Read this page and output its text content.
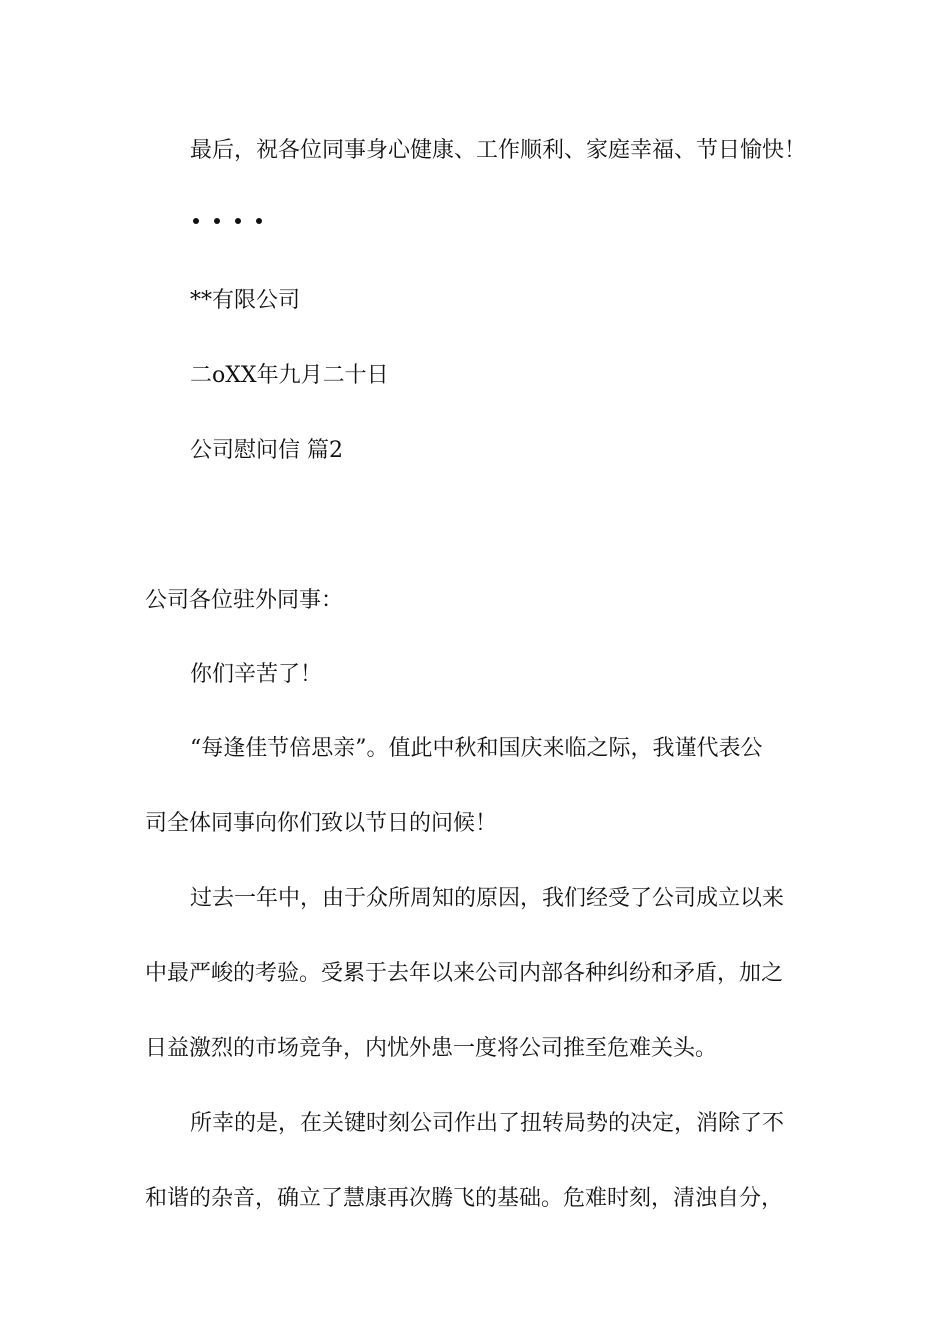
最后，祝各位同事身心健康、工作顺利、家庭幸福、节日愉快！
**有限公司
二oXX年九月二十日
公司慰问信 篇2
公司各位驻外同事：
你们辛苦了！
“每逢佳节倍思亲”。值此中秋和国庆来临之际，我谨代表公
司全体同事向你们致以节日的问候！
过去一年中，由于众所周知的原因，我们经受了公司成立以来
中最严峻的考验。受累于去年以来公司内部各种纠纷和矛盾，加之
日益激烈的市场竞争，内忧外患一度将公司推至危难关头。
所幸的是，在关键时刻公司作出了扭转局势的决定，消除了不
和谐的杂音，确立了慧康再次腾飞的基础。危难时刻，清浊自分，
